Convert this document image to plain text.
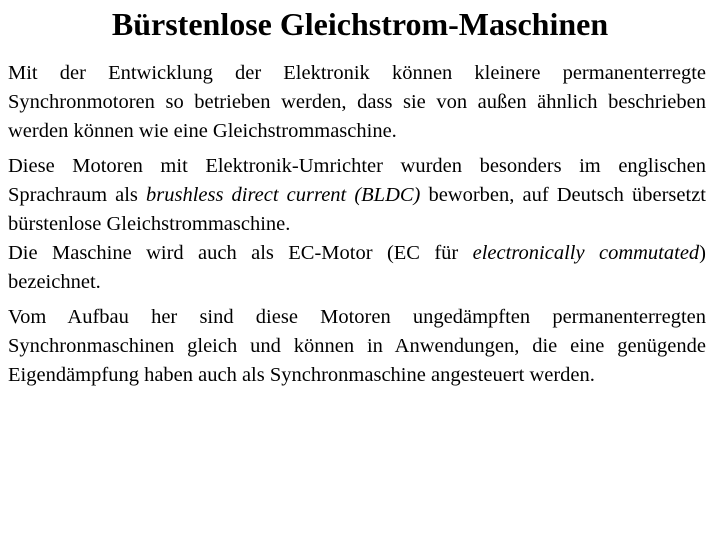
Bürstenlose Gleichstrom-Maschinen

Mit der Entwicklung der Elektronik können kleinere permanenterregte Synchronmotoren so betrieben werden, dass sie von außen ähnlich beschrieben werden können wie eine Gleichstrommaschine.

Diese Motoren mit Elektronik-Umrichter wurden besonders im englischen Sprachraum als brushless direct current (BLDC) beworben, auf Deutsch übersetzt bürstenlose Gleichstrommaschine.

Die Maschine wird auch als EC-Motor (EC für electronically commutated) bezeichnet.

Vom Aufbau her sind diese Motoren ungedämpften permanenterregten Synchronmaschinen gleich und können in Anwendungen, die eine genügende Eigendämpfung haben auch als Synchronmaschine angesteuert werden.
